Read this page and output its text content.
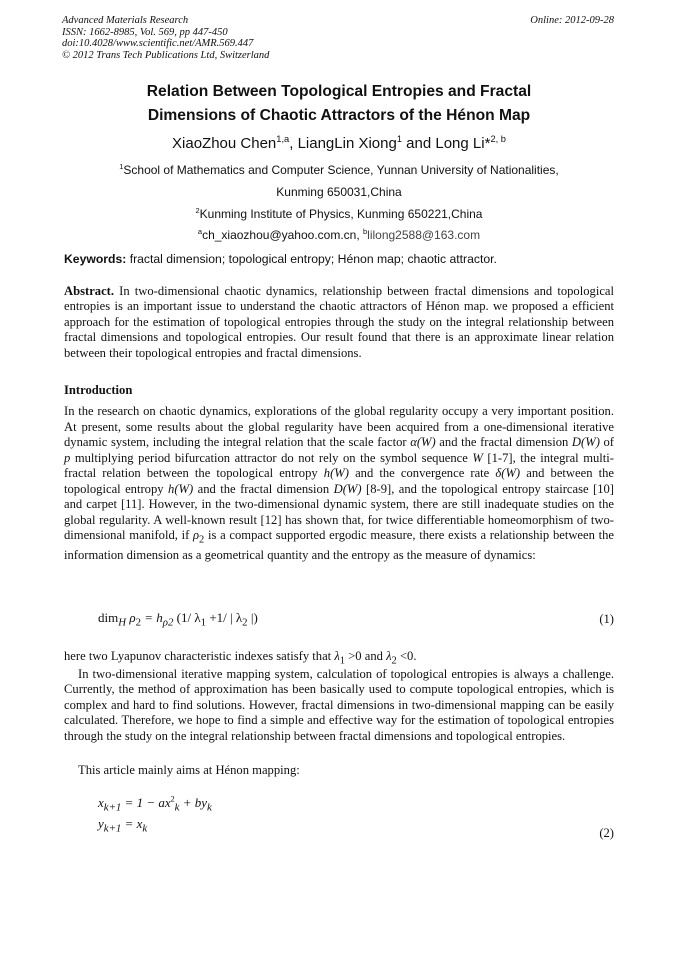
Advanced Materials Research
ISSN: 1662-8985, Vol. 569, pp 447-450
doi:10.4028/www.scientific.net/AMR.569.447
© 2012 Trans Tech Publications Ltd, Switzerland
Online: 2012-09-28
Relation Between Topological Entropies and Fractal
Dimensions of Chaotic Attractors of the Hénon Map
XiaoZhou Chen$^{1,a}$, LiangLin Xiong$^1$ and Long Li*$^{2, b}$
$^1$School of Mathematics and Computer Science, Yunnan University of Nationalities,
Kunming 650031,China
$^2$Kunming Institute of Physics, Kunming 650221,China
$^a$ch_xiaozhou@yahoo.com.cn, $^b$lilong2588@163.com
Keywords: fractal dimension; topological entropy; Hénon map; chaotic attractor.

Abstract. In two-dimensional chaotic dynamics, relationship between fractal dimensions and topological entropies is an important issue to understand the chaotic attractors of Hénon map. we proposed a efficient approach for the estimation of topological entropies through the study on the integral relationship between fractal dimensions and topological entropies. Our result found that there is an approximate linear relation between their topological entropies and fractal dimensions.

Introduction

In the research on chaotic dynamics, explorations of the global regularity occupy a very important position. At present, some results about the global regularity have been acquired from a one-dimensional iterative dynamic system, including the integral relation that the scale factor α(W) and the fractal dimension D(W) of p multiplying period bifurcation attractor do not rely on the symbol sequence W [1-7], the integral multi-fractal relation between the topological entropy h(W) and the convergence rate δ(W) and between the topological entropy h(W) and the fractal dimension D(W) [8-9], and the topological entropy staircase [10] and carpet [11]. However, in the two-dimensional dynamic system, there are still inadequate studies on the global regularity. A well-known result [12] has shown that, for twice differentiable homeomorphism of two-dimensional manifold, if $\rho_2$ is a compact supported ergodic measure, there exists a relationship between the information dimension as a geometrical quantity and the entropy as the measure of dynamics:

dim$_H$ $\rho_2 = h_{\rho 2}$ (1/ $\lambda_1 +1/$ | $\lambda_2$ |)	(1)

here two Lyapunov characteristic indexes satisfy that $\lambda_1 >0$ and $\lambda_2 <0$.

In two-dimensional iterative mapping system, calculation of topological entropies is always a challenge. Currently, the method of approximation has been basically used to compute topological entropies, which is complex and hard to find solutions. However, fractal dimensions in two-dimensional mapping can be easily calculated. Therefore, we hope to find a simple and effective way for the estimation of topological entropies through the study on the integral relationship between fractal dimensions and topological entropies.

This article mainly aims at Hénon mapping:

$x_{k+1} = 1 - ax^2_k + by_k$
$y_{k+1} = x_k$	(2)
